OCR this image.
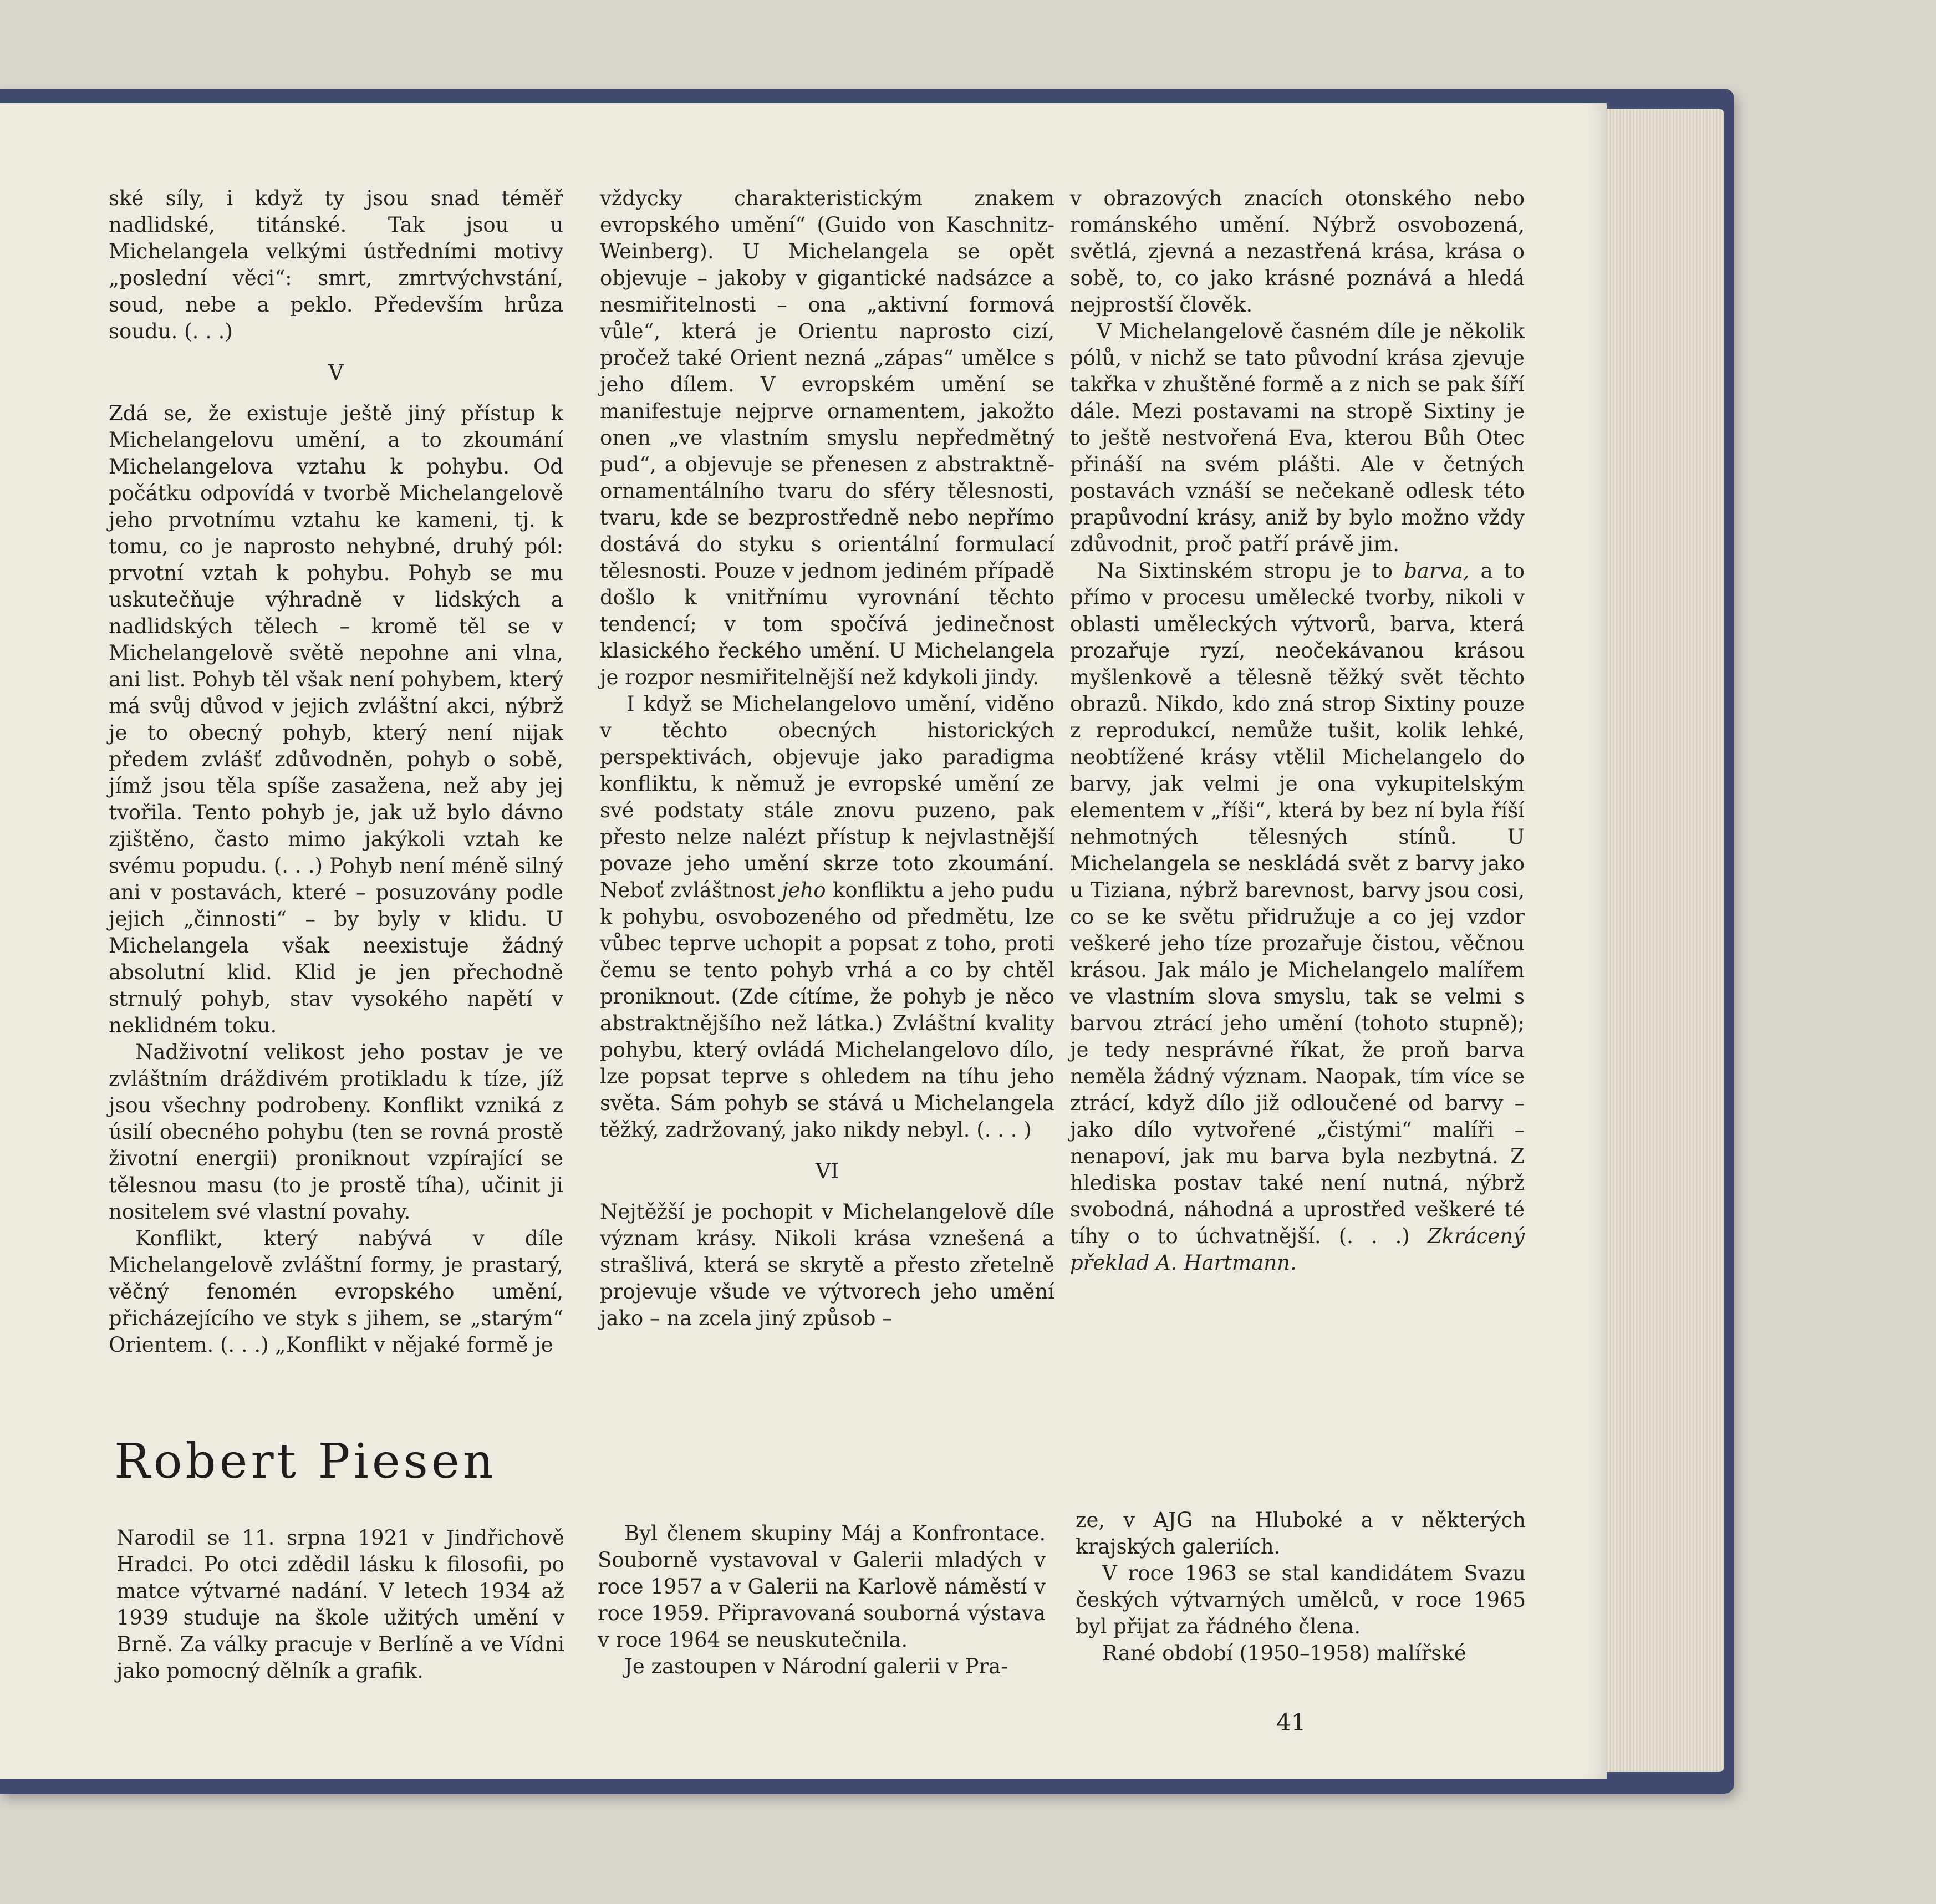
ské síly, i když ty jsou snad téměř nadlidské, titánské. Tak jsou u Michelangela velkými ústředními motivy „poslední věci“: smrt, zmrtvýchvstání, soud, nebe a peklo. Především hrůza soudu. (. . .)

V

Zdá se, že existuje ještě jiný přístup k Michelangelovu umění, a to zkoumání Michelangelova vztahu k pohybu. Od počátku odpovídá v tvorbě Michelangelově jeho prvotnímu vztahu ke kameni, tj. k tomu, co je naprosto nehybné, druhý pól: prvotní vztah k pohybu. Pohyb se mu uskutečňuje výhradně v lidských a nadlidských tělech – kromě těl se v Michelangelově světě nepohne ani vlna, ani list. Pohyb těl však není pohybem, který má svůj důvod v jejich zvláštní akci, nýbrž je to obecný pohyb, který není nijak předem zvlášť zdůvodněn, pohyb o sobě, jímž jsou těla spíše zasažena, než aby jej tvořila. Tento pohyb je, jak už bylo dávno zjištěno, často mimo jakýkoli vztah ke svému popudu. (. . .) Pohyb není méně silný ani v postavách, které – posuzovány podle jejich „činnosti“ – by byly v klidu. U Michelangela však neexistuje žádný absolutní klid. Klid je jen přechodně strnulý pohyb, stav vysokého napětí v neklidném toku.

Nadživotní velikost jeho postav je ve zvláštním dráždivém protikladu k tíze, jíž jsou všechny podrobeny. Konflikt vzniká z úsilí obecného pohybu (ten se rovná prostě životní energii) proniknout vzpírající se tělesnou masu (to je prostě tíha), učinit ji nositelem své vlastní povahy.

Konflikt, který nabývá v díle Michelangelově zvláštní formy, je prastarý, věčný fenomén evropského umění, přicházejícího ve styk s jihem, se „starým“ Orientem. (. . .) „Konflikt v nějaké formě je

vždycky charakteristickým znakem evropského umění“ (Guido von Kaschnitz-Weinberg). U Michelangela se opět objevuje – jakoby v gigantické nadsázce a nesmiřitelnosti – ona „aktivní formová vůle“, která je Orientu naprosto cizí, pročež také Orient nezná „zápas“ umělce s jeho dílem. V evropském umění se manifestuje nejprve ornamentem, jakožto onen „ve vlastním smyslu nepředmětný pud“, a objevuje se přenesen z abstraktně-ornamentálního tvaru do sféry tělesnosti, tvaru, kde se bezprostředně nebo nepřímo dostává do styku s orientální formulací tělesnosti. Pouze v jednom jediném případě došlo k vnitřnímu vyrovnání těchto tendencí; v tom spočívá jedinečnost klasického řeckého umění. U Michelangela je rozpor nesmiřitelnější než kdykoli jindy.

I když se Michelangelovo umění, viděno v těchto obecných historických perspektivách, objevuje jako paradigma konfliktu, k němuž je evropské umění ze své podstaty stále znovu puzeno, pak přesto nelze nalézt přístup k nejvlastnější povaze jeho umění skrze toto zkoumání. Neboť zvláštnost jeho konfliktu a jeho pudu k pohybu, osvobozeného od předmětu, lze vůbec teprve uchopit a popsat z toho, proti čemu se tento pohyb vrhá a co by chtěl proniknout. (Zde cítíme, že pohyb je něco abstraktnějšího než látka.) Zvláštní kvality pohybu, který ovládá Michelangelovo dílo, lze popsat teprve s ohledem na tíhu jeho světa. Sám pohyb se stává u Michelangela těžký, zadržovaný, jako nikdy nebyl. (. . . )

VI

Nejtěžší je pochopit v Michelangelově díle význam krásy. Nikoli krása vznešená a strašlivá, která se skrytě a přesto zřetelně projevuje všude ve výtvorech jeho umění jako – na zcela jiný způsob –

v obrazových znacích otonského nebo románského umění. Nýbrž osvobozená, světlá, zjevná a nezastřená krása, krása o sobě, to, co jako krásné poznává a hledá nejprostší člověk.

V Michelangelově časném díle je několik pólů, v nichž se tato původní krása zjevuje takřka v zhuštěné formě a z nich se pak šíří dále. Mezi postavami na stropě Sixtiny je to ještě nestvořená Eva, kterou Bůh Otec přináší na svém plášti. Ale v četných postavách vznáší se nečekaně odlesk této prapůvodní krásy, aniž by bylo možno vždy zdůvodnit, proč patří právě jim.

Na Sixtinském stropu je to barva, a to přímo v procesu umělecké tvorby, nikoli v oblasti uměleckých výtvorů, barva, která prozařuje ryzí, neočekávanou krásou myšlenkově a tělesně těžký svět těchto obrazů. Nikdo, kdo zná strop Sixtiny pouze z reprodukcí, nemůže tušit, kolik lehké, neobtížené krásy vtělil Michelangelo do barvy, jak velmi je ona vykupitelským elementem v „říši“, která by bez ní byla říší nehmotných tělesných stínů. U Michelangela se neskládá svět z barvy jako u Tiziana, nýbrž barevnost, barvy jsou cosi, co se ke světu přidružuje a co jej vzdor veškeré jeho tíze prozařuje čistou, věčnou krásou. Jak málo je Michelangelo malířem ve vlastním slova smyslu, tak se velmi s barvou ztrácí jeho umění (tohoto stupně); je tedy nesprávné říkat, že proň barva neměla žádný význam. Naopak, tím více se ztrácí, když dílo již odloučené od barvy – jako dílo vytvořené „čistými“ malíři – nenapoví, jak mu barva byla nezbytná. Z hlediska postav také není nutná, nýbrž svobodná, náhodná a uprostřed veškeré té tíhy o to úchvatnější. (. . .) Zkrácený překlad A. Hartmann.

Robert Piesen

Narodil se 11. srpna 1921 v Jindřichově Hradci. Po otci zdědil lásku k filosofii, po matce výtvarné nadání. V letech 1934 až 1939 studuje na škole užitých umění v Brně. Za války pracuje v Berlíně a ve Vídni jako pomocný dělník a grafik.

Byl členem skupiny Máj a Konfrontace. Souborně vystavoval v Galerii mladých v roce 1957 a v Galerii na Karlově náměstí v roce 1959. Připravovaná souborná výstava v roce 1964 se neuskutečnila.

Je zastoupen v Národní galerii v Pra-

ze, v AJG na Hluboké a v některých krajských galeriích.

V roce 1963 se stal kandidátem Svazu českých výtvarných umělců, v roce 1965 byl přijat za řádného člena.

Rané období (1950–1958) malířské

41
